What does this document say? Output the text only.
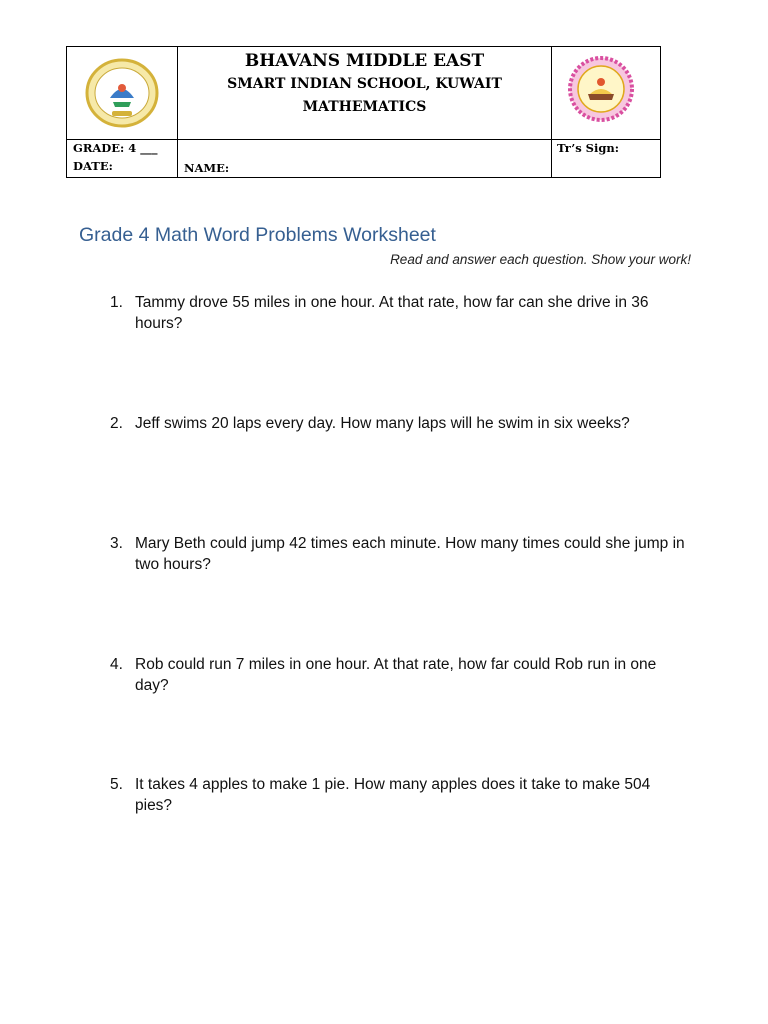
BHAVANS MIDDLE EAST
SMART INDIAN SCHOOL, KUWAIT
MATHEMATICS
GRADE: 4 ___
DATE:	NAME:
Tr’s Sign:
Grade 4 Math Word Problems Worksheet
Read and answer each question. Show your work!
1. Tammy drove 55 miles in one hour. At that rate, how far can she drive in 36 hours?
2. Jeff swims 20 laps every day. How many laps will he swim in six weeks?
3. Mary Beth could jump 42 times each minute. How many times could she jump in two hours?
4. Rob could run 7 miles in one hour. At that rate, how far could Rob run in one day?
5. It takes 4 apples to make 1 pie. How many apples does it take to make 504 pies?
